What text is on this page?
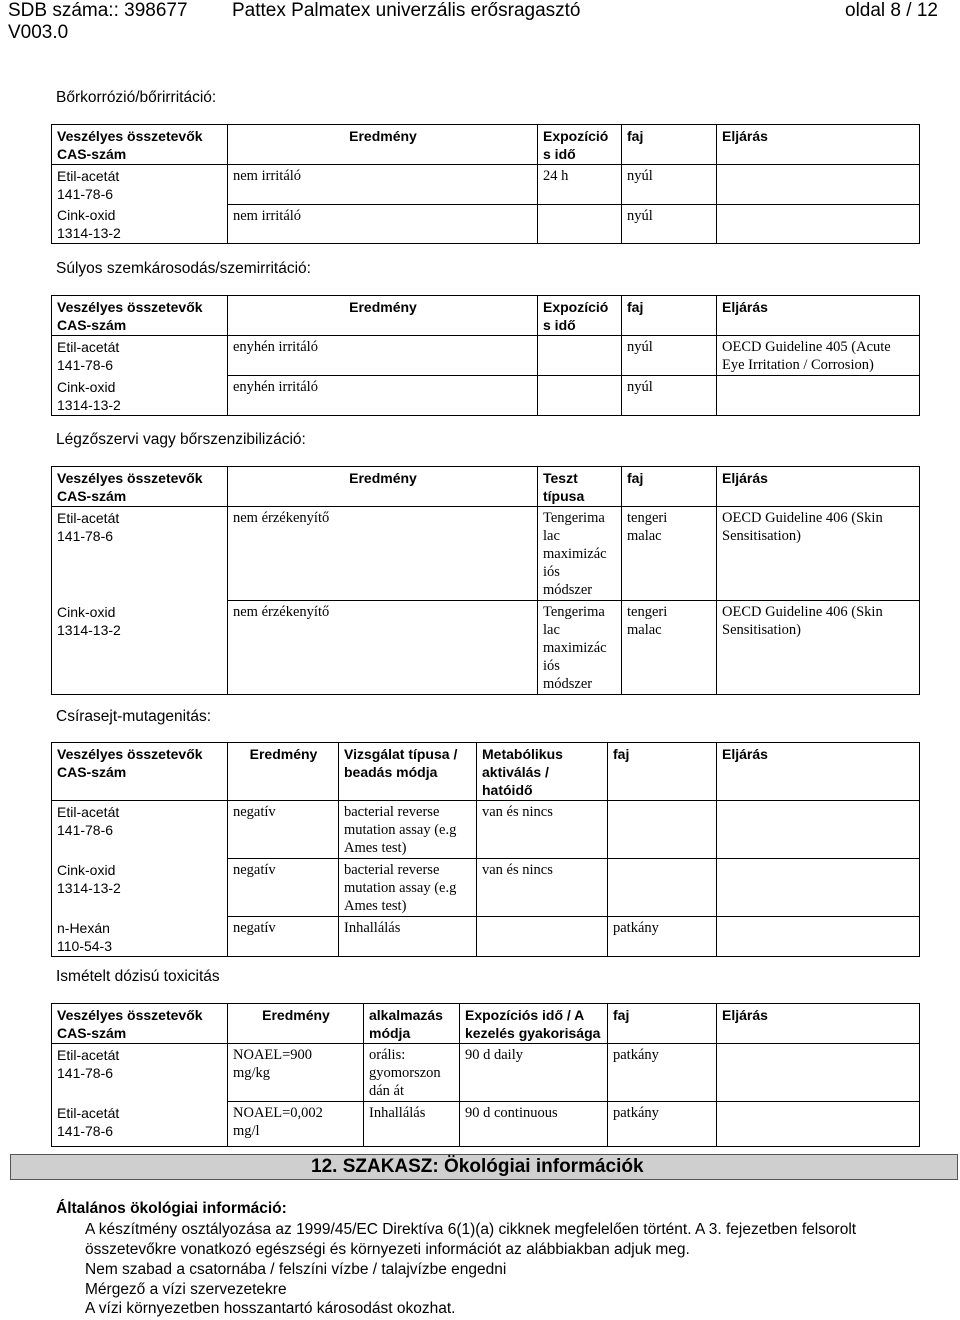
SDB száma:: 398677
V003.0
Pattex Palmatex univerzális erősragasztó	oldal 8 / 12
Bőrkorrózió/bőrirritáció:
Veszélyes összetevők
CAS-szám	Eredmény	Expozíció
s idő	faj	Eljárás

Etil-acetát
141-78-6	nem irritáló	24 h	nyúl	

Cink-oxid
1314-13-2	nem irritáló		nyúl	
Súlyos szemkárosodás/szemirritáció:
Veszélyes összetevők
CAS-szám	Eredmény	Expozíció
s idő	faj	Eljárás

Etil-acetát
141-78-6	enyhén irritáló		nyúl	OECD Guideline 405 (Acute
Eye Irritation / Corrosion)

Cink-oxid
1314-13-2	enyhén irritáló		nyúl	
Légzőszervi vagy bőrszenzibilizáció:
Veszélyes összetevők
CAS-szám	Eredmény	Teszt
típusa	faj	Eljárás

Etil-acetát
141-78-6	nem érzékenyítő	Tengerima
lac
maximizác
iós
módszer	tengeri
malac	OECD Guideline 406 (Skin
Sensitisation)

Cink-oxid
1314-13-2	nem érzékenyítő	Tengerima
lac
maximizác
iós
módszer	tengeri
malac	OECD Guideline 406 (Skin
Sensitisation)
Csírasejt-mutagenitás:
Veszélyes összetevők
CAS-szám	Eredmény	Vizsgálat típusa /
beadás módja	Metabólikus
aktiválás /
hatóidő	faj	Eljárás

Etil-acetát
141-78-6	negatív	bacterial reverse
mutation assay (e.g
Ames test)	van és nincs		

Cink-oxid
1314-13-2	negatív	bacterial reverse
mutation assay (e.g
Ames test)	van és nincs		

n-Hexán
110-54-3	negatív	Inhallálás		patkány	
Ismételt dózisú toxicitás
Veszélyes összetevők
CAS-szám	Eredmény	alkalmazás
módja	Expozíciós idő / A
kezelés gyakorisága	faj	Eljárás

Etil-acetát
141-78-6	NOAEL=900
mg/kg	orális:
gyomorszon
dán át	90 d daily	patkány	

Etil-acetát
141-78-6	NOAEL=0,002
mg/l	Inhallálás	90 d continuous	patkány	
12. SZAKASZ: Ökológiai információk
Általános ökológiai információ:
A készítmény osztályozása az 1999/45/EC Direktíva 6(1)(a) cikknek megfelelően történt. A 3. fejezetben felsorolt
összetevőkre vonatkozó egészségi és környezeti információt az alábbiakban adjuk meg.
Nem szabad a csatornába / felszíni vízbe / talajvízbe engedni
Mérgező a vízi szervezetekre
A vízi környezetben hosszantartó károsodást okozhat.
